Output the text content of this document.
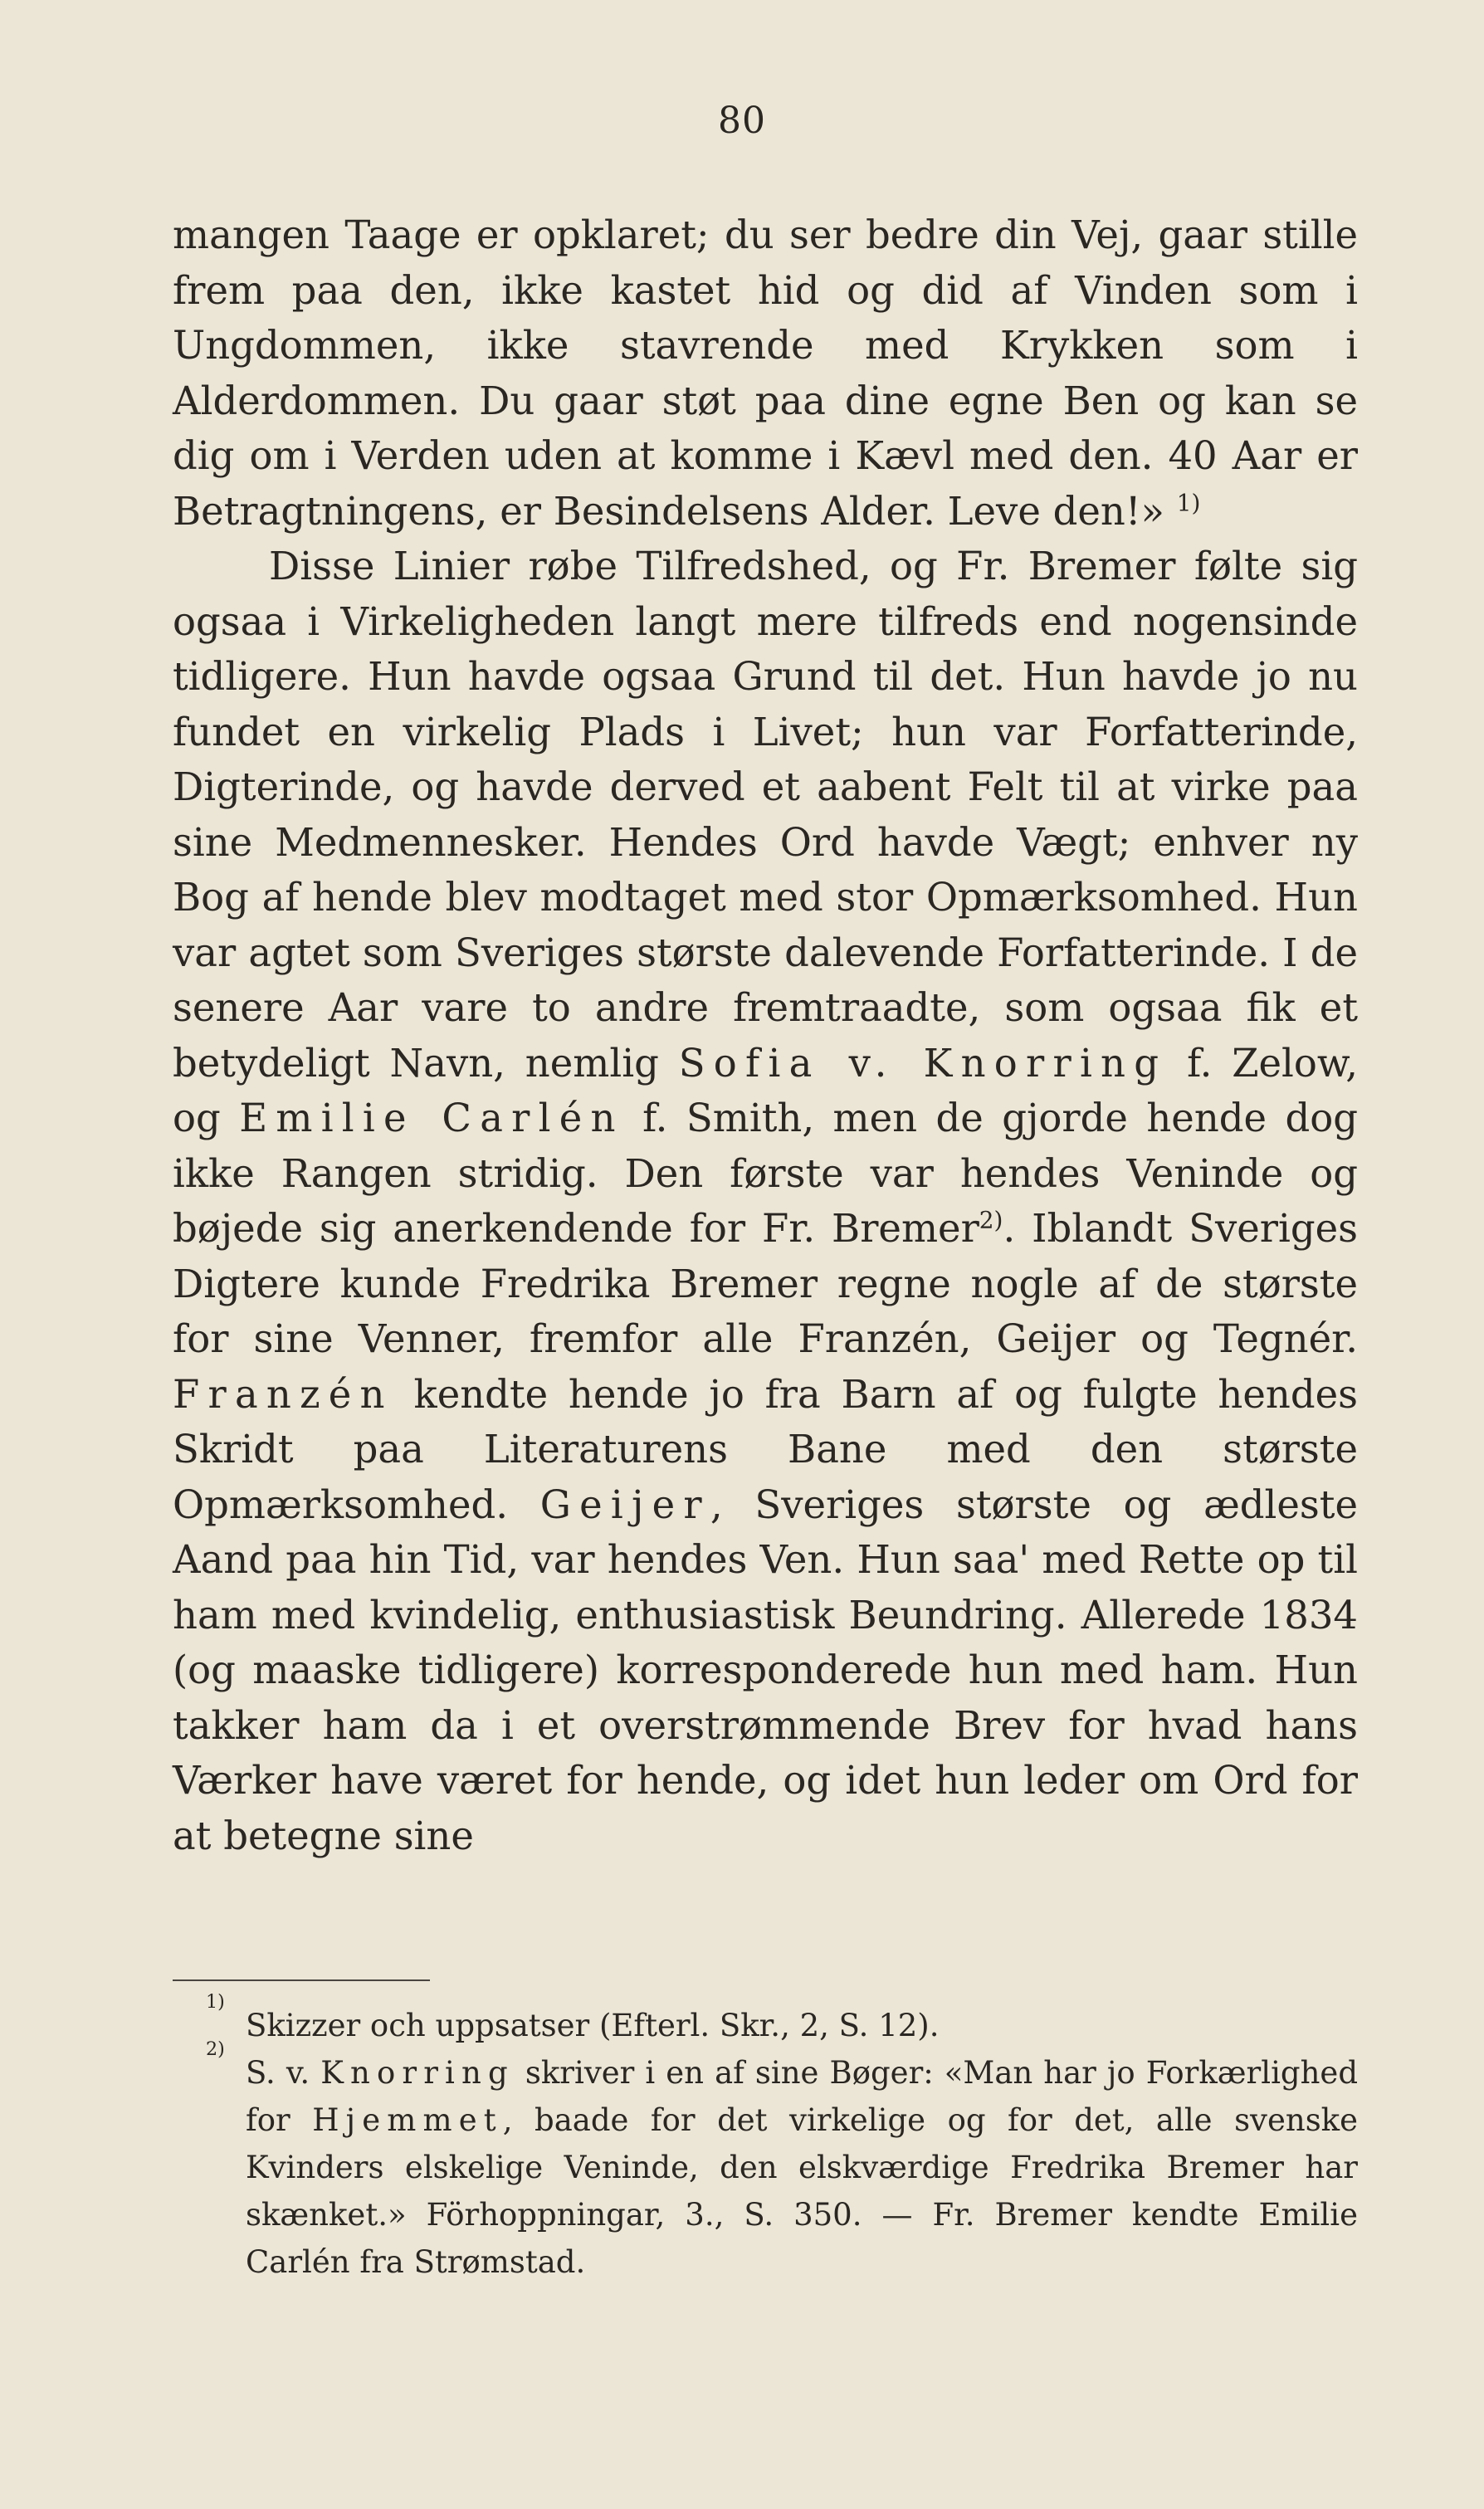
80

mangen Taage er opklaret; du ser bedre din Vej, gaar stille frem paa den, ikke kastet hid og did af Vinden som i Ungdommen, ikke stavrende med Krykken som i Alderdommen. Du gaar støt paa dine egne Ben og kan se dig om i Verden uden at komme i Kævl med den. 40 Aar er Betragtningens, er Besindelsens Alder. Leve den!» $^{1)}$

Disse Linier røbe Tilfredshed, og Fr. Bremer følte sig ogsaa i Virkeligheden langt mere tilfreds end nogensinde tidligere. Hun havde ogsaa Grund til det. Hun havde jo nu fundet en virkelig Plads i Livet; hun var Forfatterinde, Digterinde, og havde derved et aabent Felt til at virke paa sine Medmennesker. Hendes Ord havde Vægt; enhver ny Bog af hende blev modtaget med stor Opmærksomhed. Hun var agtet som Sveriges største dalevende Forfatterinde. I de senere Aar vare to andre fremtraadte, som ogsaa fik et betydeligt Navn, nemlig Sofia v. Knorring f. Zelow, og Emilie Carlén f. Smith, men de gjorde hende dog ikke Rangen stridig. Den første var hendes Veninde og bøjede sig anerkendende for Fr. Bremer$^{2)}$. Iblandt Sveriges Digtere kunde Fredrika Bremer regne nogle af de største for sine Venner, fremfor alle Franzén, Geijer og Tegnér. Franzén kendte hende jo fra Barn af og fulgte hendes Skridt paa Literaturens Bane med den største Opmærksomhed. Geijer, Sveriges største og ædleste Aand paa hin Tid, var hendes Ven. Hun saa' med Rette op til ham med kvindelig, enthusiastisk Beundring. Allerede 1834 (og maaske tidligere) korresponderede hun med ham. Hun takker ham da i et overstrømmende Brev for hvad hans Værker have været for hende, og idet hun leder om Ord for at betegne sine

1)
Skizzer och uppsatser (Efterl. Skr., 2, S. 12).
2)
S. v. Knorring skriver i en af sine Bøger: «Man har jo Forkærlighed for Hjemmet, baade for det virkelige og for det, alle svenske Kvinders elskelige Veninde, den elskværdige Fredrika Bremer har skænket.» Förhoppningar, 3., S. 350. — Fr. Bremer kendte Emilie Carlén fra Strømstad.
